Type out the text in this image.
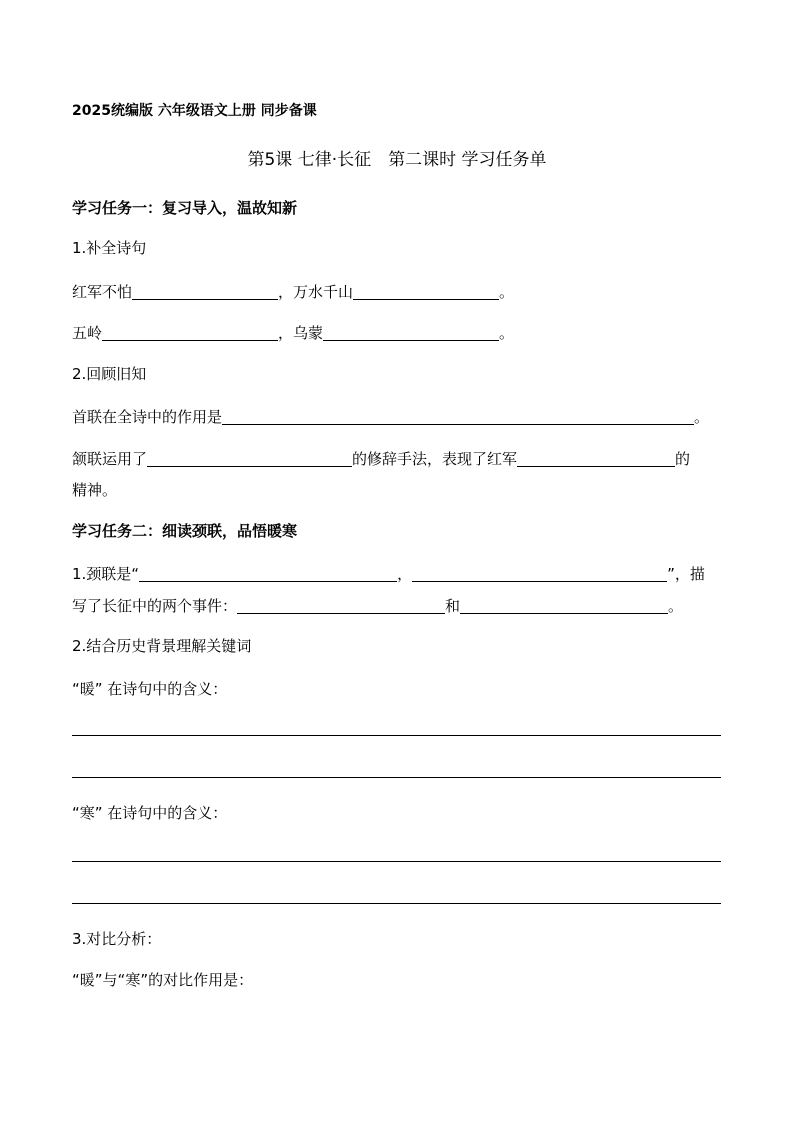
2025统编版 六年级语文上册 同步备课
第5课 七律·长征　第二课时 学习任务单
学习任务一：复习导入，温故知新
1.补全诗句
红军不怕	，万水千山	。
五岭	，乌蒙	。
2.回顾旧知
首联在全诗中的作用是	。
颔联运用了	的修辞手法，表现了红军	的
精神。
学习任务二：细读颈联，品悟暖寒
1.颈联是“	，	”，描
写了长征中的两个事件：	和	。
2.结合历史背景理解关键词
“暖” 在诗句中的含义：
“寒” 在诗句中的含义：
3.对比分析：
“暖”与“寒”的对比作用是：
